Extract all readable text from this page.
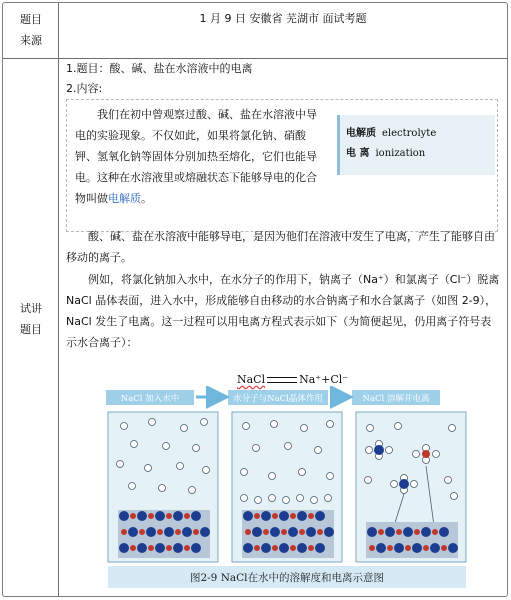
题目来源
1 月 9 日 安徽省 芜湖市 面试考题
试讲题目
1.题目：酸、碱、盐在水溶液中的电离
2.内容:

我们在初中曾观察过酸、碱、盐在水溶液中导电的实验现象。不仅如此，如果将氯化钠、硝酸钾、氢氧化钠等固体分别加热至熔化，它们也能导电。这种在水溶液里或熔融状态下能够导电的化合物叫做电解质。

电解质 electrolyte
电 离 ionization

酸、碱、盐在水溶液中能够导电，是因为他们在溶液中发生了电离，产生了能够自由移动的离子。

例如，将氯化钠加入水中，在水分子的作用下，钠离子（Na⁺）和氯离子（Cl⁻）脱离 NaCl 晶体表面，进入水中，形成能够自由移动的水合钠离子和水合氯离子（如图 2-9），NaCl 发生了电离。这一过程可以用电离方程式表示如下（为简便起见，仍用离子符号表示水合离子）：

NaCl	Na⁺+Cl⁻
NaCl 加入水中	水分子与NaCl晶体作用	NaCl 溶解并电离
图2-9 NaCl在水中的溶解度和电离示意图
